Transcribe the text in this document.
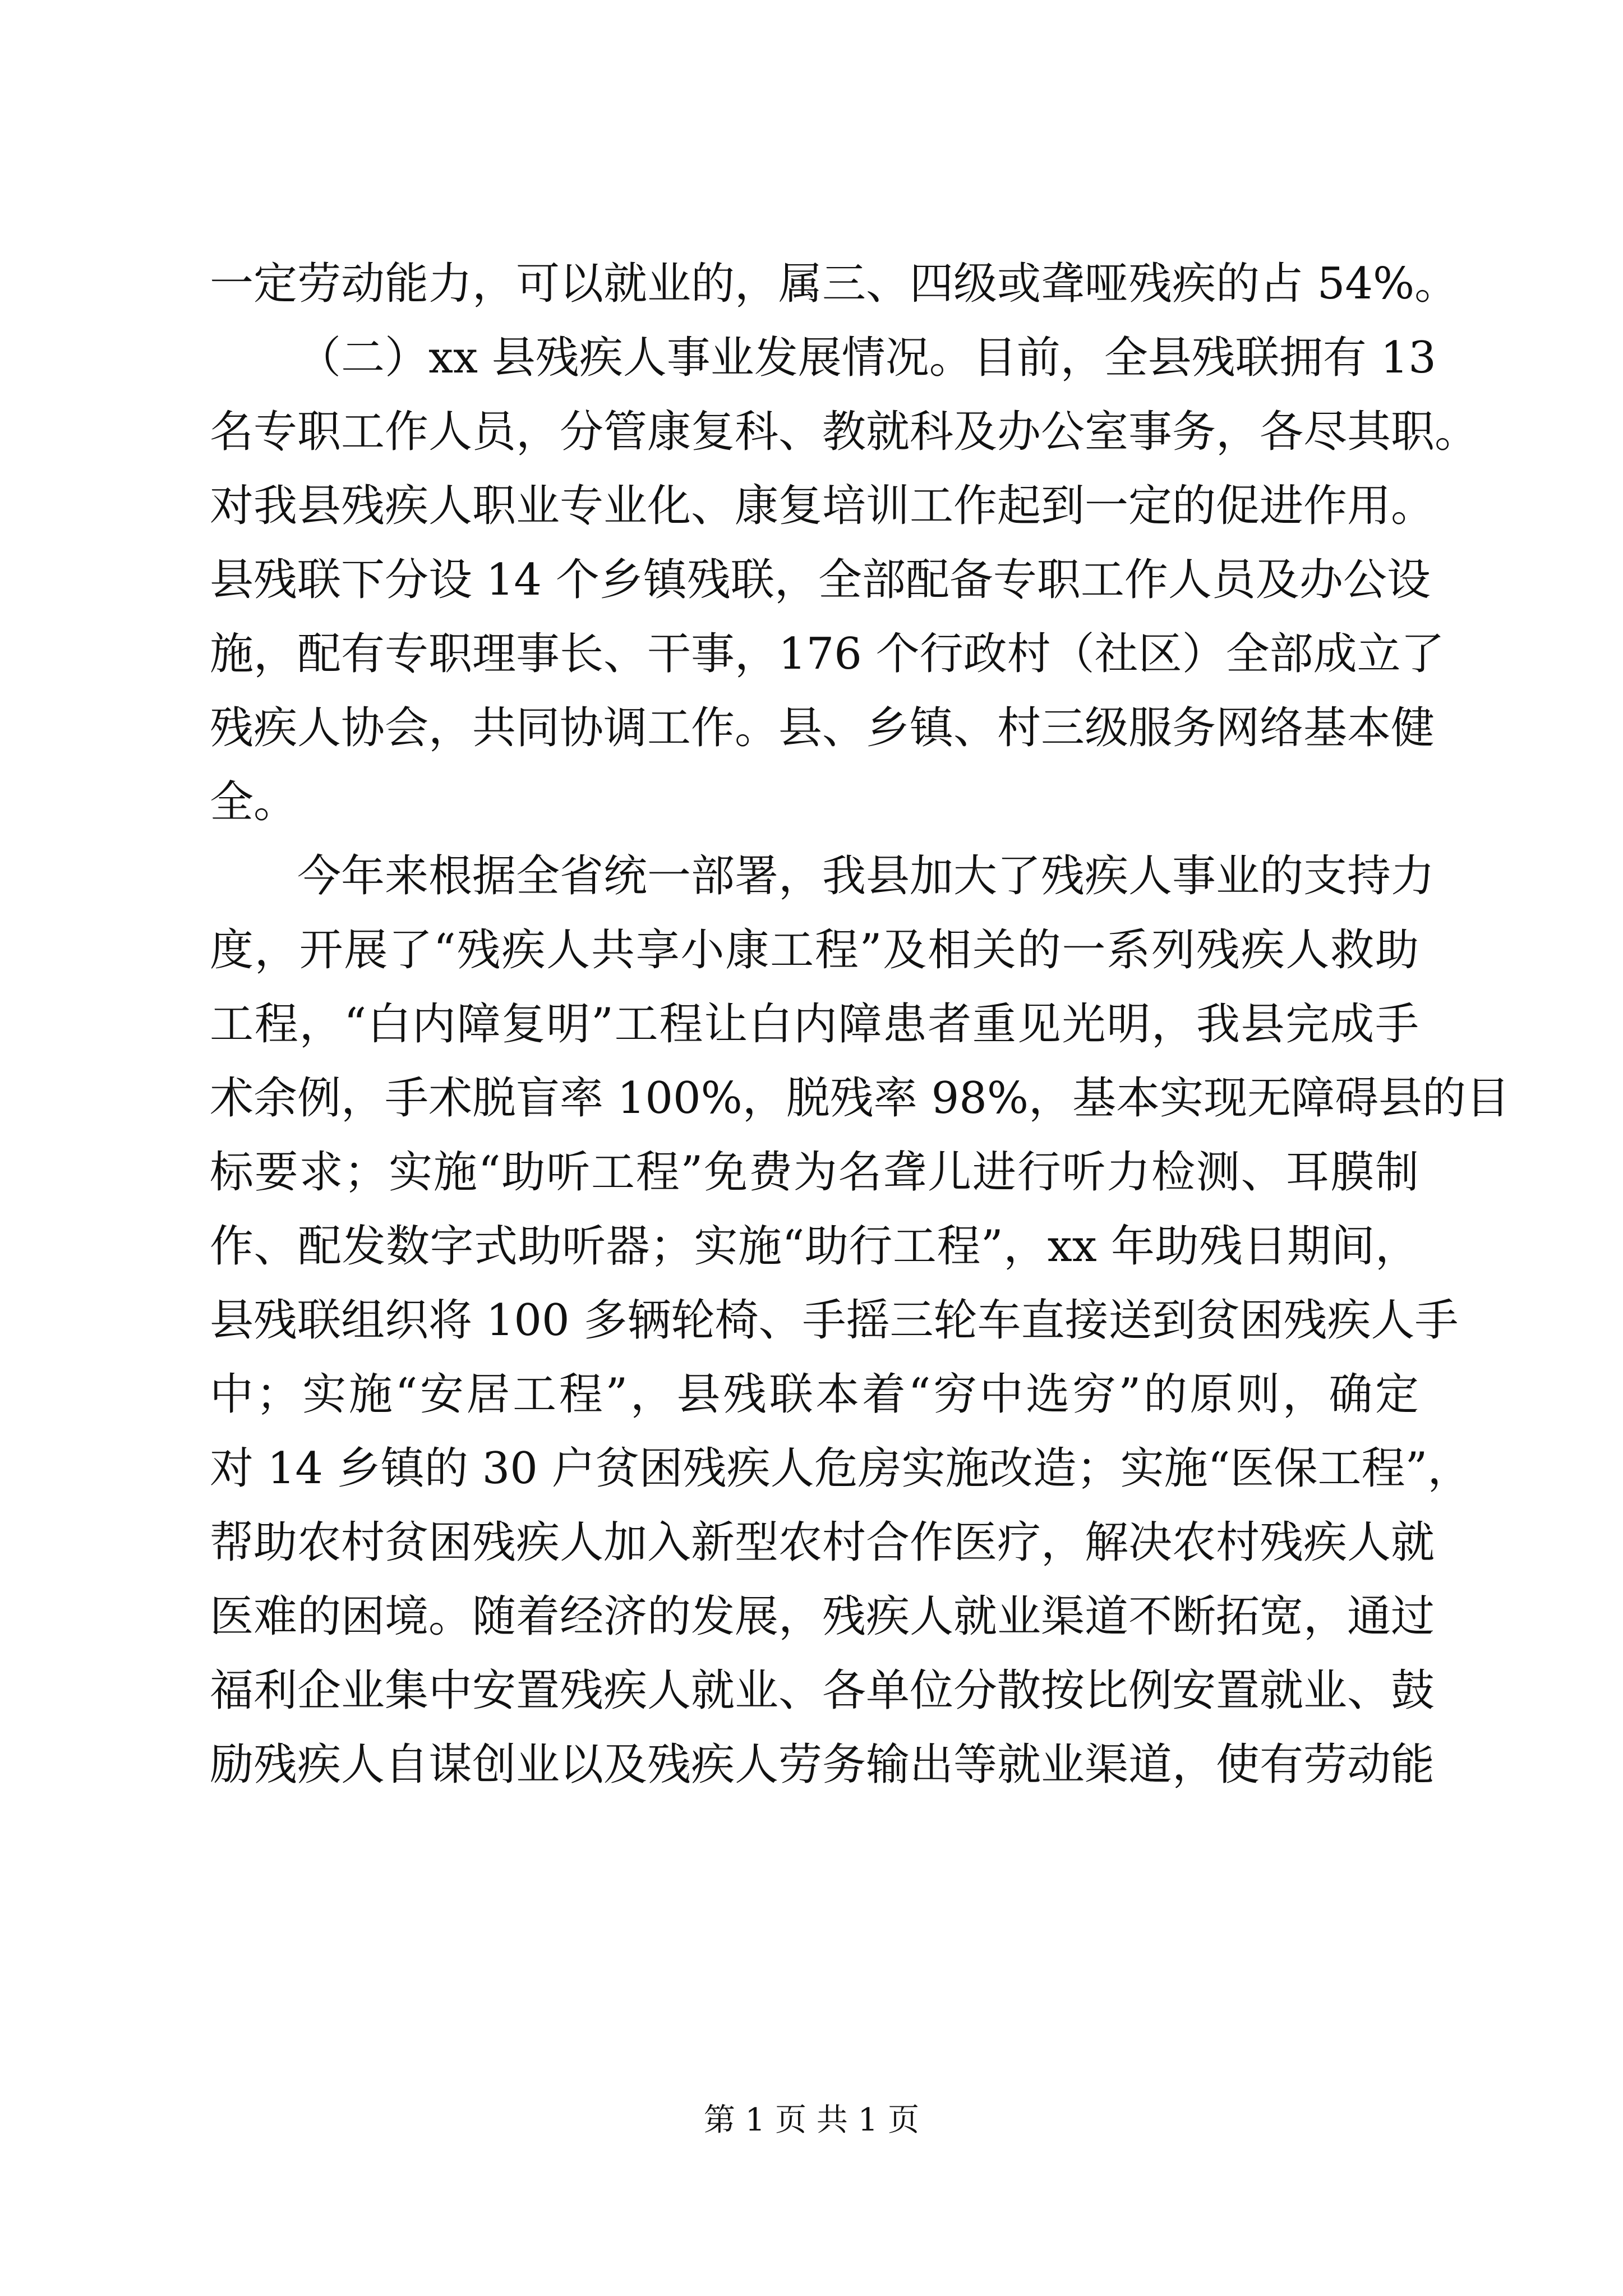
一定劳动能力，可以就业的，属三、四级或聋哑残疾的占 54%。
（二）xx 县残疾人事业发展情况。目前，全县残联拥有 13
名专职工作人员，分管康复科、教就科及办公室事务，各尽其职。
对我县残疾人职业专业化、康复培训工作起到一定的促进作用。
县残联下分设 14 个乡镇残联，全部配备专职工作人员及办公设
施，配有专职理事长、干事，176 个行政村（社区）全部成立了
残疾人协会，共同协调工作。县、乡镇、村三级服务网络基本健
全。
今年来根据全省统一部署，我县加大了残疾人事业的支持力
度，开展了“残疾人共享小康工程”及相关的一系列残疾人救助
工程，“白内障复明”工程让白内障患者重见光明，我县完成手
术余例，手术脱盲率 100%，脱残率 98%，基本实现无障碍县的目
标要求；实施“助听工程”免费为名聋儿进行听力检测、耳膜制
作、配发数字式助听器；实施“助行工程”，xx 年助残日期间，
县残联组织将 100 多辆轮椅、手摇三轮车直接送到贫困残疾人手
中；实施“安居工程”，县残联本着“穷中选穷”的原则，确定
对 14 乡镇的 30 户贫困残疾人危房实施改造；实施“医保工程”，
帮助农村贫困残疾人加入新型农村合作医疗，解决农村残疾人就
医难的困境。随着经济的发展，残疾人就业渠道不断拓宽，通过
福利企业集中安置残疾人就业、各单位分散按比例安置就业、鼓
励残疾人自谋创业以及残疾人劳务输出等就业渠道，使有劳动能
第 1 页 共 1 页
